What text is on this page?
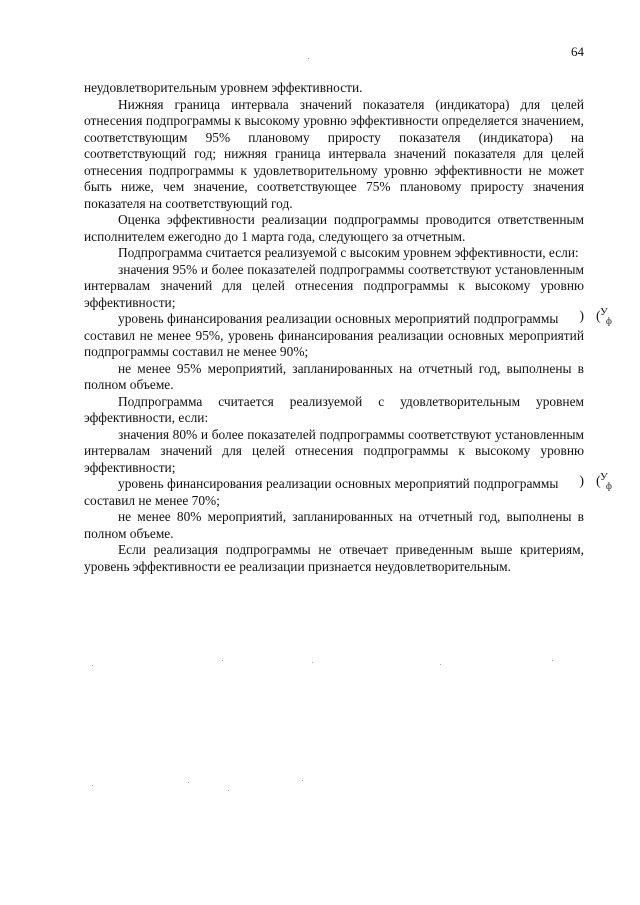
64

неудовлетворительным уровнем эффективности.

Нижняя граница интервала значений показателя (индикатора) для целей отнесения подпрограммы к высокому уровню эффективности определяется значением, соответствующим 95% плановому приросту показателя (индикатора) на соответствующий год; нижняя граница интервала значений показателя для целей отнесения подпрограммы к удовлетворительному уровню эффективности не может быть ниже, чем значение, соответствующее 75% плановому приросту значения показателя на соответствующий год.

Оценка эффективности реализации подпрограммы проводится ответственным исполнителем ежегодно до 1 марта года, следующего за отчетным.

Подпрограмма считается реализуемой с высоким уровнем эффективности, если:

значения 95% и более показателей подпрограммы соответствуют установленным интервалам значений для целей отнесения подпрограммы к высокому уровню эффективности;

уровень финансирования реализации основных мероприятий подпрограммы	( У
ф
)
составил не менее 95%, уровень финансирования реализации основных мероприятий подпрограммы составил не менее 90%;

не менее 95% мероприятий, запланированных на отчетный год, выполнены в полном объеме.

Подпрограмма считается реализуемой с удовлетворительным уровнем эффективности, если:

значения 80% и более показателей подпрограммы соответствуют установленным интервалам значений для целей отнесения подпрограммы к высокому уровню эффективности;

уровень финансирования реализации основных мероприятий подпрограммы	( У
ф
)
составил не менее 70%;

не менее 80% мероприятий, запланированных на отчетный год, выполнены в полном объеме.

Если реализация подпрограммы не отвечает приведенным выше критериям, уровень эффективности ее реализации признается неудовлетворительным.
